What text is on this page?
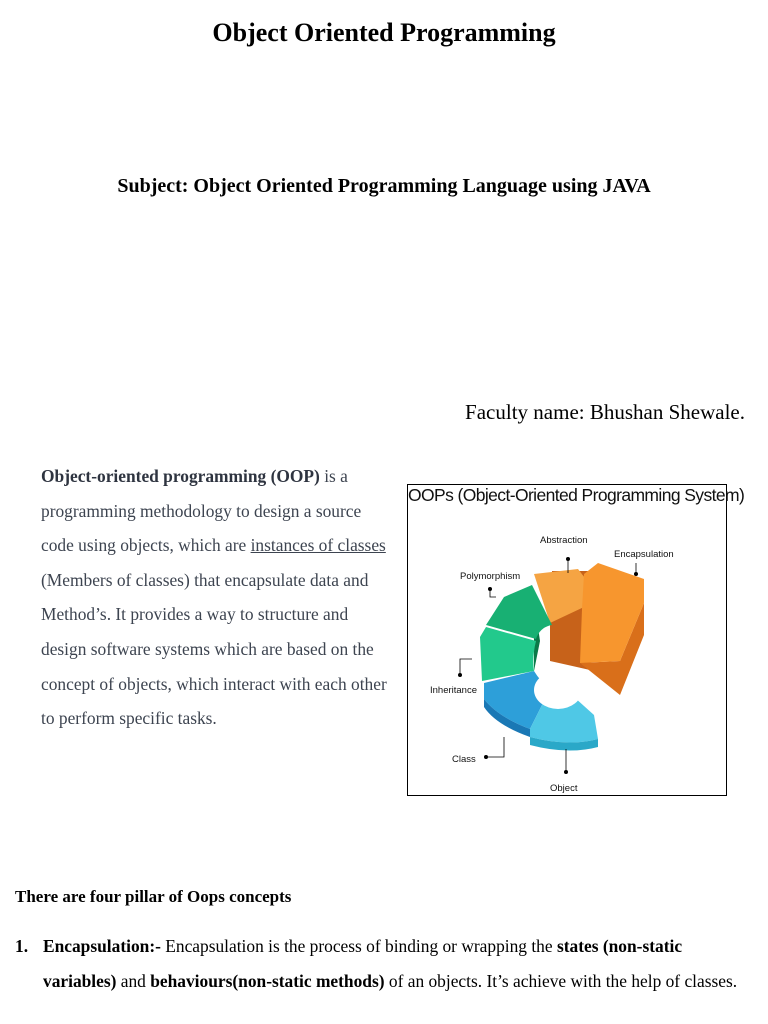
Object Oriented Programming
Subject: Object Oriented Programming Language using JAVA
Faculty name: Bhushan Shewale.

Object-oriented programming (OOP) is a programming methodology to design a source code using objects, which are instances of classes (Members of classes) that encapsulate data and Method’s. It provides a way to structure and design software systems which are based on the concept of objects, which interact with each other to perform specific tasks.

Abstraction
Encapsulation
Polymorphism
Inheritance
Class
Object
OOPs (Object-Oriented Programming System)
There are four pillar of Oops concepts

1. Encapsulation:- Encapsulation is the process of binding or wrapping the states (non-static variables) and behaviours(non-static methods) of an objects. It’s achieve with the help of classes.
